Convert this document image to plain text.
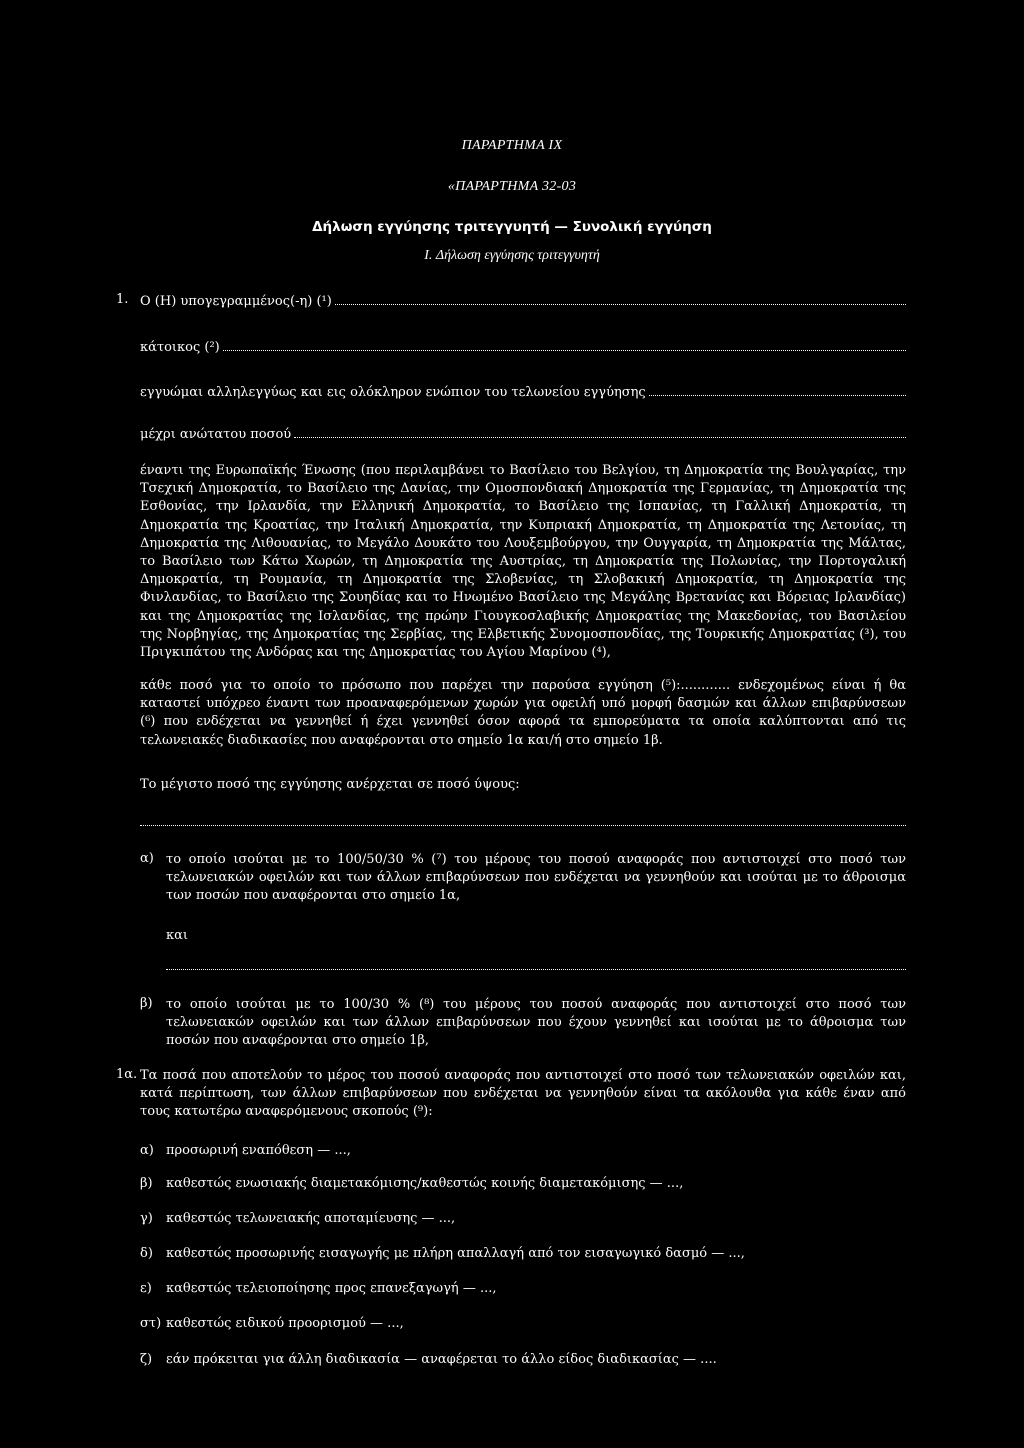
ΠΑΡΑΡΤΗΜΑ IX
«ΠΑΡΑΡΤΗΜΑ 32-03
Δήλωση εγγύησης τριτεγγυητή — Συνολική εγγύηση
I. Δήλωση εγγύησης τριτεγγυητή
1. Ο (Η) υπογεγραμμένος(-η) (¹)
κάτοικος (²)
εγγυώμαι αλληλεγγύως και εις ολόκληρον ενώπιον του τελωνείου εγγύησης
μέχρι ανώτατου ποσού
έναντι της Ευρωπαϊκής Ένωσης (που περιλαμβάνει το Βασίλειο του Βελγίου, τη Δημοκρατία της Βουλγαρίας, την Τσεχική Δημοκρατία, το Βασίλειο της Δανίας, την Ομοσπονδιακή Δημοκρατία της Γερμανίας, τη Δημοκρατία της Εσθονίας, την Ιρλανδία, την Ελληνική Δημοκρατία, το Βασίλειο της Ισπανίας, τη Γαλλική Δημοκρατία, τη Δημοκρατία της Κροατίας, την Ιταλική Δημοκρατία, την Κυπριακή Δημοκρατία, τη Δημοκρατία της Λετονίας, τη Δημοκρατία της Λιθουανίας, το Μεγάλο Δουκάτο του Λουξεμβούργου, την Ουγγαρία, τη Δημοκρατία της Μάλτας, το Βασίλειο των Κάτω Χωρών, τη Δημοκρατία της Αυστρίας, τη Δημοκρατία της Πολωνίας, την Πορτογαλική Δημοκρατία, τη Ρουμανία, τη Δημοκρατία της Σλοβενίας, τη Σλοβακική Δημοκρατία, τη Δημοκρατία της Φινλανδίας, το Βασίλειο της Σουηδίας και το Ηνωμένο Βασίλειο της Μεγάλης Βρετανίας και Βόρειας Ιρλανδίας) και της Δημοκρατίας της Ισλανδίας, της πρώην Γιουγκοσλαβικής Δημοκρατίας της Μακεδονίας, του Βασιλείου της Νορβηγίας, της Δημοκρατίας της Σερβίας, της Ελβετικής Συνομοσπονδίας, της Τουρκικής Δημοκρατίας (³), του Πριγκιπάτου της Ανδόρας και της Δημοκρατίας του Αγίου Μαρίνου (⁴),
κάθε ποσό για το οποίο το πρόσωπο που παρέχει την παρούσα εγγύηση (⁵):............ ενδεχομένως είναι ή θα καταστεί υπόχρεο έναντι των προαναφερόμενων χωρών για οφειλή υπό μορφή δασμών και άλλων επιβαρύνσεων (⁶) που ενδέχεται να γεννηθεί ή έχει γεννηθεί όσον αφορά τα εμπορεύματα τα οποία καλύπτονται από τις τελωνειακές διαδικασίες που αναφέρονται στο σημείο 1α και/ή στο σημείο 1β.
Το μέγιστο ποσό της εγγύησης ανέρχεται σε ποσό ύψους:
α) το οποίο ισούται με το 100/50/30 % (⁷) του μέρους του ποσού αναφοράς που αντιστοιχεί στο ποσό των τελωνειακών οφειλών και των άλλων επιβαρύνσεων που ενδέχεται να γεννηθούν και ισούται με το άθροισμα των ποσών που αναφέρονται στο σημείο 1α,
και
β) το οποίο ισούται με το 100/30 % (⁸) του μέρους του ποσού αναφοράς που αντιστοιχεί στο ποσό των τελωνειακών οφειλών και των άλλων επιβαρύνσεων που έχουν γεννηθεί και ισούται με το άθροισμα των ποσών που αναφέρονται στο σημείο 1β,
1α. Τα ποσά που αποτελούν το μέρος του ποσού αναφοράς που αντιστοιχεί στο ποσό των τελωνειακών οφειλών και, κατά περίπτωση, των άλλων επιβαρύνσεων που ενδέχεται να γεννηθούν είναι τα ακόλουθα για κάθε έναν από τους κατωτέρω αναφερόμενους σκοπούς (⁹):
α) προσωρινή εναπόθεση — ...,
β) καθεστώς ενωσιακής διαμετακόμισης/καθεστώς κοινής διαμετακόμισης — ...,
γ) καθεστώς τελωνειακής αποταμίευσης — ...,
δ) καθεστώς προσωρινής εισαγωγής με πλήρη απαλλαγή από τον εισαγωγικό δασμό — ...,
ε) καθεστώς τελειοποίησης προς επανεξαγωγή — ...,
στ) καθεστώς ειδικού προορισμού — ...,
ζ) εάν πρόκειται για άλλη διαδικασία — αναφέρεται το άλλο είδος διαδικασίας — ....
